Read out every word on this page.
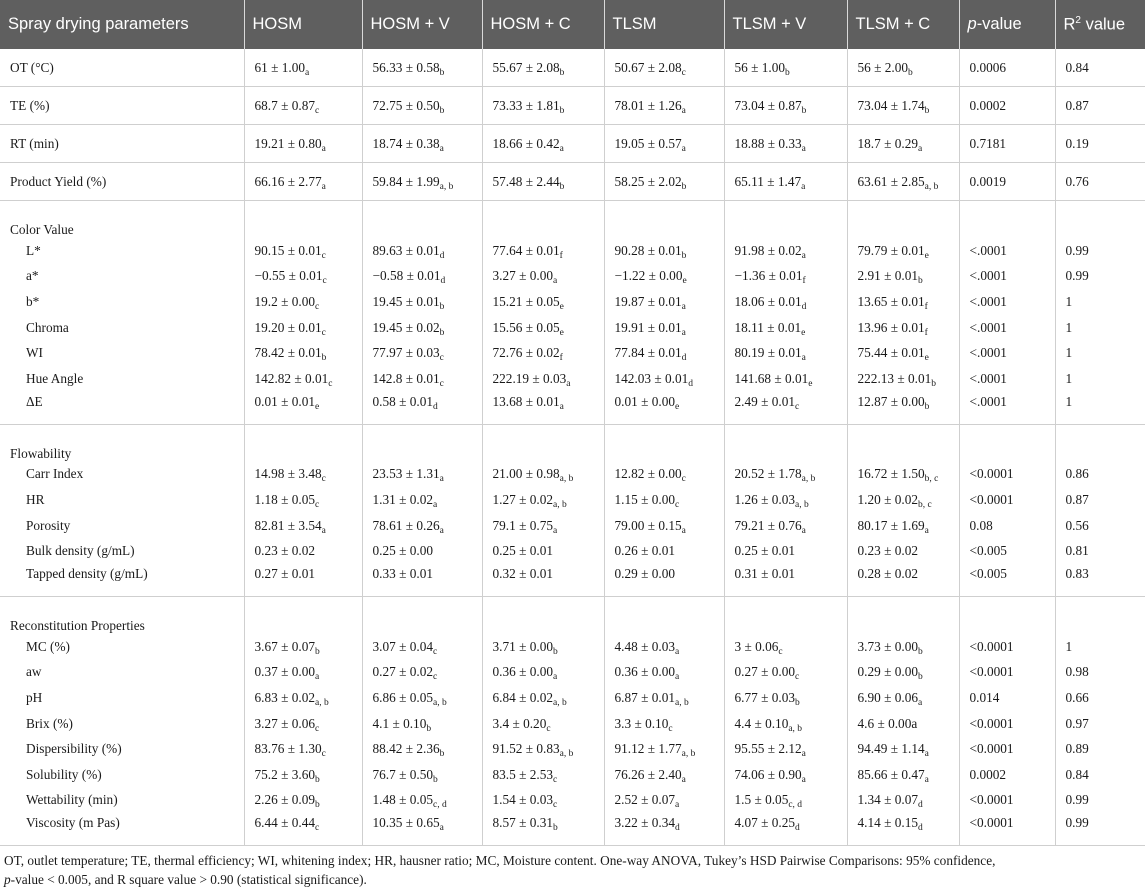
Spray drying parameters	HOSM	HOSM + V	HOSM + C	TLSM	TLSM + V	TLSM + C	p-value	$R^2$ value
OT (°C)	$61 \pm 1.00_a$	$56.33 \pm 0.58_b$	$55.67 \pm 2.08_b$	$50.67 \pm 2.08_c$	$56 \pm 1.00_b$	$56 \pm 2.00_b$	0.0006	0.84
TE (%)	$68.7 \pm 0.87_c$	$72.75 \pm 0.50_b$	$73.33 \pm 1.81_b$	$78.01 \pm 1.26_a$	$73.04 \pm 0.87_b$	$73.04 \pm 1.74_b$	0.0002	0.87
RT (min)	$19.21 \pm 0.80_a$	$18.74 \pm 0.38_a$	$18.66 \pm 0.42_a$	$19.05 \pm 0.57_a$	$18.88 \pm 0.33_a$	$18.7 \pm 0.29_a$	0.7181	0.19
Product Yield (%)	$66.16 \pm 2.77_a$	$59.84 \pm 1.99_{a, b}$	$57.48 \pm 2.44_b$	$58.25 \pm 2.02_b$	$65.11 \pm 1.47_a$	$63.61 \pm 2.85_{a, b}$	0.0019	0.76
Color Value								
L*	$90.15 \pm 0.01_c$	$89.63 \pm 0.01_d$	$77.64 \pm 0.01_f$	$90.28 \pm 0.01_b$	$91.98 \pm 0.02_a$	$79.79 \pm 0.01_e$	<.0001	0.99
a*	$-0.55 \pm 0.01_c$	$-0.58 \pm 0.01_d$	$3.27 \pm 0.00_a$	$-1.22 \pm 0.00_e$	$-1.36 \pm 0.01_f$	$2.91 \pm 0.01_b$	<.0001	0.99
b*	$19.2 \pm 0.00_c$	$19.45 \pm 0.01_b$	$15.21 \pm 0.05_e$	$19.87 \pm 0.01_a$	$18.06 \pm 0.01_d$	$13.65 \pm 0.01_f$	<.0001	1
Chroma	$19.20 \pm 0.01_c$	$19.45 \pm 0.02_b$	$15.56 \pm 0.05_e$	$19.91 \pm 0.01_a$	$18.11 \pm 0.01_e$	$13.96 \pm 0.01_f$	<.0001	1
WI	$78.42 \pm 0.01_b$	$77.97 \pm 0.03_c$	$72.76 \pm 0.02_f$	$77.84 \pm 0.01_d$	$80.19 \pm 0.01_a$	$75.44 \pm 0.01_e$	<.0001	1
Hue Angle	$142.82 \pm 0.01_c$	$142.8 \pm 0.01_c$	$222.19 \pm 0.03_a$	$142.03 \pm 0.01_d$	$141.68 \pm 0.01_e$	$222.13 \pm 0.01_b$	<.0001	1
ΔE	$0.01 \pm 0.01_e$	$0.58 \pm 0.01_d$	$13.68 \pm 0.01_a$	$0.01 \pm 0.00_e$	$2.49 \pm 0.01_c$	$12.87 \pm 0.00_b$	<.0001	1
Flowability								
Carr Index	$14.98 \pm 3.48_c$	$23.53 \pm 1.31_a$	$21.00 \pm 0.98_{a, b}$	$12.82 \pm 0.00_c$	$20.52 \pm 1.78_{a, b}$	$16.72 \pm 1.50_{b, c}$	<0.0001	0.86
HR	$1.18 \pm 0.05_c$	$1.31 \pm 0.02_a$	$1.27 \pm 0.02_{a, b}$	$1.15 \pm 0.00_c$	$1.26 \pm 0.03_{a, b}$	$1.20 \pm 0.02_{b, c}$	<0.0001	0.87
Porosity	$82.81 \pm 3.54_a$	$78.61 \pm 0.26_a$	$79.1 \pm 0.75_a$	$79.00 \pm 0.15_a$	$79.21 \pm 0.76_a$	$80.17 \pm 1.69_a$	0.08	0.56
Bulk density (g/mL)	0.23 ± 0.02	0.25 ± 0.00	0.25 ± 0.01	0.26 ± 0.01	0.25 ± 0.01	0.23 ± 0.02	<0.005	0.81
Tapped density (g/mL)	0.27 ± 0.01	0.33 ± 0.01	0.32 ± 0.01	0.29 ± 0.00	0.31 ± 0.01	0.28 ± 0.02	<0.005	0.83
Reconstitution Properties								
MC (%)	$3.67 \pm 0.07_b$	$3.07 \pm 0.04_c$	$3.71 \pm 0.00_b$	$4.48 \pm 0.03_a$	$3 \pm 0.06_c$	$3.73 \pm 0.00_b$	<0.0001	1
aw	$0.37 \pm 0.00_a$	$0.27 \pm 0.02_c$	$0.36 \pm 0.00_a$	$0.36 \pm 0.00_a$	$0.27 \pm 0.00_c$	$0.29 \pm 0.00_b$	<0.0001	0.98
pH	$6.83 \pm 0.02_{a, b}$	$6.86 \pm 0.05_{a, b}$	$6.84 \pm 0.02_{a, b}$	$6.87 \pm 0.01_{a, b}$	$6.77 \pm 0.03_b$	$6.90 \pm 0.06_a$	0.014	0.66
Brix (%)	$3.27 \pm 0.06_c$	$4.1 \pm 0.10_b$	$3.4 \pm 0.20_c$	$3.3 \pm 0.10_c$	$4.4 \pm 0.10_{a, b}$	4.6 ± 0.00a	<0.0001	0.97
Dispersibility (%)	$83.76 \pm 1.30_c$	$88.42 \pm 2.36_b$	$91.52 \pm 0.83_{a, b}$	$91.12 \pm 1.77_{a, b}$	$95.55 \pm 2.12_a$	$94.49 \pm 1.14_a$	<0.0001	0.89
Solubility (%)	$75.2 \pm 3.60_b$	$76.7 \pm 0.50_b$	$83.5 \pm 2.53_c$	$76.26 \pm 2.40_a$	$74.06 \pm 0.90_a$	$85.66 \pm 0.47_a$	0.0002	0.84
Wettability (min)	$2.26 \pm 0.09_b$	$1.48 \pm 0.05_{c, d}$	$1.54 \pm 0.03_c$	$2.52 \pm 0.07_a$	$1.5 \pm 0.05_{c, d}$	$1.34 \pm 0.07_d$	<0.0001	0.99
Viscosity (m Pas)	$6.44 \pm 0.44_c$	$10.35 \pm 0.65_a$	$8.57 \pm 0.31_b$	$3.22 \pm 0.34_d$	$4.07 \pm 0.25_d$	$4.14 \pm 0.15_d$	<0.0001	0.99
OT, outlet temperature; TE, thermal efficiency; WI, whitening index; HR, hausner ratio; MC, Moisture content. One-way ANOVA, Tukey’s HSD Pairwise Comparisons: 95% confidence,
p-value < 0.005, and R square value > 0.90 (statistical significance).
